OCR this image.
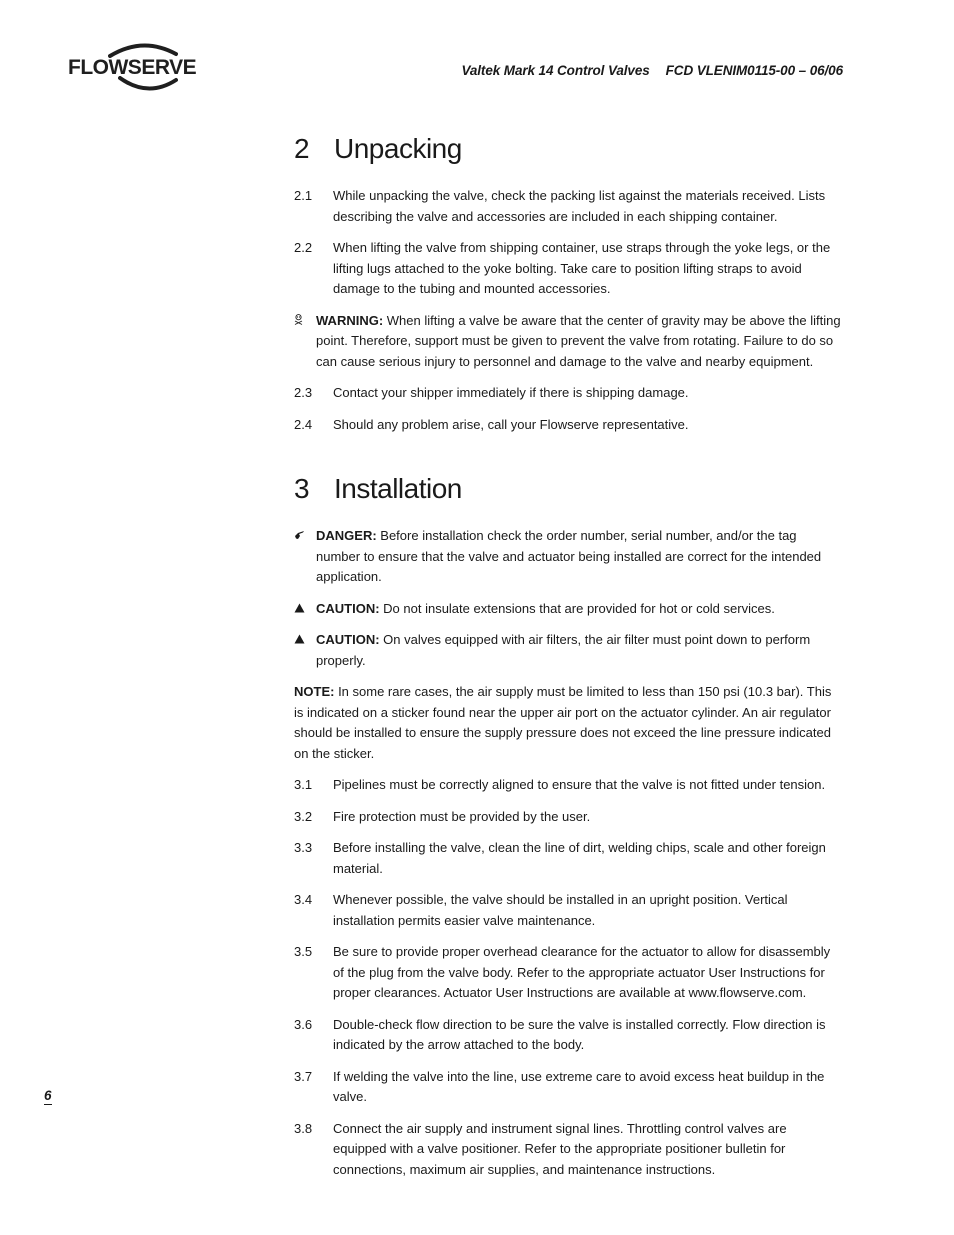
FLOWSERVE	Valtek Mark 14 Control Valves FCD VLENIM0115-00 – 06/06
2 Unpacking
2.1	While unpacking the valve, check the packing list against the materials received. Lists describing the valve and accessories are included in each shipping container.
2.2	When lifting the valve from shipping container, use straps through the yoke legs, or the lifting lugs attached to the yoke bolting. Take care to position lifting straps to avoid damage to the tubing and mounted accessories.
WARNING: When lifting a valve be aware that the center of gravity may be above the lifting point. Therefore, support must be given to prevent the valve from rotating. Failure to do so can cause serious injury to personnel and damage to the valve and nearby equipment.
2.3	Contact your shipper immediately if there is shipping damage.
2.4	Should any problem arise, call your Flowserve representative.
3 Installation
DANGER: Before installation check the order number, serial number, and/or the tag number to ensure that the valve and actuator being installed are correct for the intended application.
CAUTION: Do not insulate extensions that are provided for hot or cold services.
CAUTION: On valves equipped with air filters, the air filter must point down to perform properly.
NOTE: In some rare cases, the air supply must be limited to less than 150 psi (10.3 bar). This is indicated on a sticker found near the upper air port on the actuator cylinder. An air regulator should be installed to ensure the supply pressure does not exceed the line pressure indicated on the sticker.
3.1	Pipelines must be correctly aligned to ensure that the valve is not fitted under tension.
3.2	Fire protection must be provided by the user.
3.3	Before installing the valve, clean the line of dirt, welding chips, scale and other foreign material.
3.4	Whenever possible, the valve should be installed in an upright position. Vertical installation permits easier valve maintenance.
3.5	Be sure to provide proper overhead clearance for the actuator to allow for disassembly of the plug from the valve body. Refer to the appropriate actuator User Instructions for proper clearances. Actuator User Instructions are available at www.flowserve.com.
3.6	Double-check flow direction to be sure the valve is installed correctly. Flow direction is indicated by the arrow attached to the body.
3.7	If welding the valve into the line, use extreme care to avoid excess heat buildup in the valve.
3.8	Connect the air supply and instrument signal lines. Throttling control valves are equipped with a valve positioner. Refer to the appropriate positioner bulletin for connections, maximum air supplies, and maintenance instructions.
6
